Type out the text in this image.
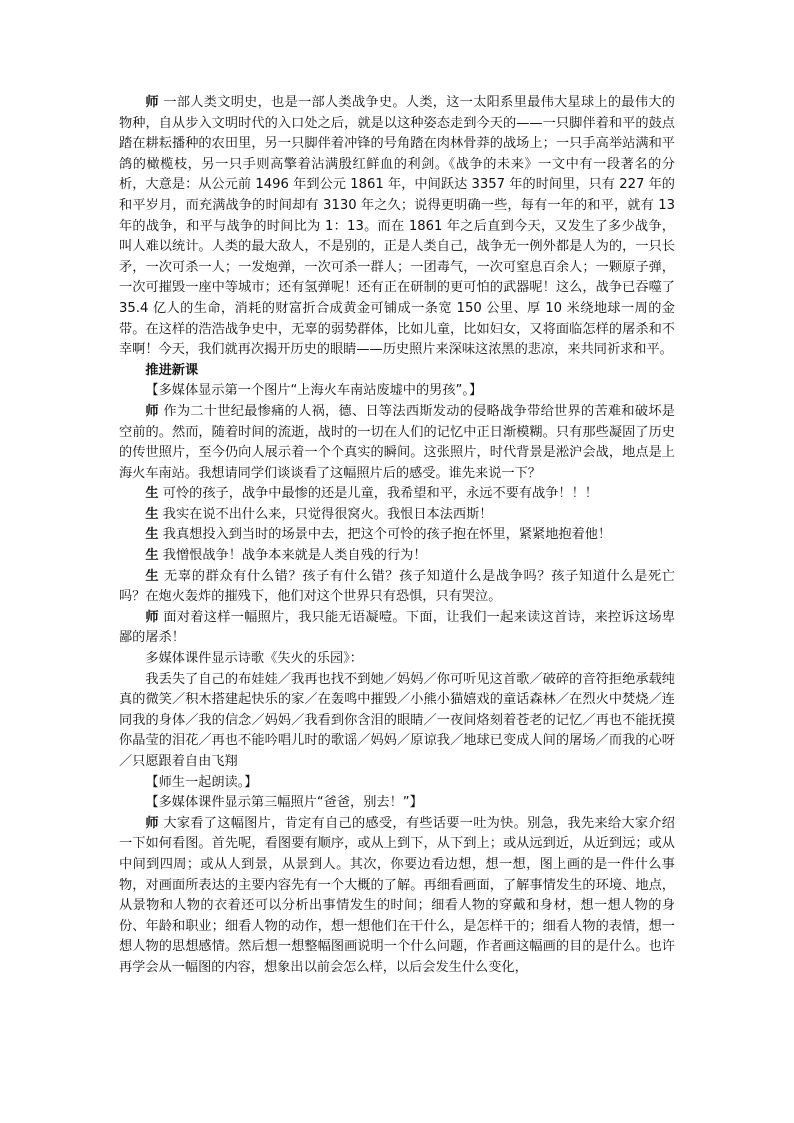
师 一部人类文明史，也是一部人类战争史。人类，这一太阳系里最伟大星球上的最伟大的物种，自从步入文明时代的入口处之后，就是以这种姿态走到今天的——一只脚伴着和平的鼓点踏在耕耘播种的农田里，另一只脚伴着冲锋的号角踏在肉林骨莽的战场上；一只手高举站满和平鸽的橄榄枝，另一只手则高擎着沾满殷红鲜血的利剑。《战争的未来》一文中有一段著名的分析，大意是：从公元前 1496 年到公元 1861 年，中间跃达 3357 年的时间里，只有 227 年的和平岁月，而充满战争的时间却有 3130 年之久；说得更明确一些，每有一年的和平，就有 13 年的战争，和平与战争的时间比为 1：13。而在 1861 年之后直到今天，又发生了多少战争，叫人难以统计。人类的最大敌人，不是别的，正是人类自己，战争无一例外都是人为的，一只长矛，一次可杀一人；一发炮弹，一次可杀一群人；一团毒气，一次可窒息百余人；一颗原子弹，一次可摧毁一座中等城市；还有氢弹呢！还有正在研制的更可怕的武器呢！这么，战争已吞噬了 35.4 亿人的生命，消耗的财富折合成黄金可铺成一条宽 150 公里、厚 10 米绕地球一周的金带。在这样的浩浩战争史中，无辜的弱势群体，比如儿童，比如妇女，又将面临怎样的屠杀和不幸啊！今天，我们就再次揭开历史的眼睛——历史照片来深味这浓黑的悲凉，来共同祈求和平。

推进新课

【多媒体显示第一个图片“上海火车南站废墟中的男孩”。】

师 作为二十世纪最惨痛的人祸，德、日等法西斯发动的侵略战争带给世界的苦难和破坏是空前的。然而，随着时间的流逝，战时的一切在人们的记忆中正日渐模糊。只有那些凝固了历史的传世照片，至今仍向人展示着一个个真实的瞬间。这张照片，时代背景是淞沪会战，地点是上海火车南站。我想请同学们谈谈看了这幅照片后的感受。谁先来说一下？

生 可怜的孩子，战争中最惨的还是儿童，我希望和平，永远不要有战争！！！

生 我实在说不出什么来，只觉得很窝火。我恨日本法西斯！

生 我真想投入到当时的场景中去，把这个可怜的孩子抱在怀里，紧紧地抱着他！

生 我憎恨战争！战争本来就是人类自残的行为！

生 无辜的群众有什么错？孩子有什么错？孩子知道什么是战争吗？孩子知道什么是死亡吗？在炮火轰炸的摧残下，他们对这个世界只有恐惧，只有哭泣。

师 面对着这样一幅照片，我只能无语凝噎。下面，让我们一起来读这首诗，来控诉这场卑鄙的屠杀！

多媒体课件显示诗歌《失火的乐园》：

我丢失了自己的布娃娃／我再也找不到她／妈妈／你可听见这首歌／破碎的音符拒绝承载纯真的微笑／积木搭建起快乐的家／在轰鸣中摧毁／小熊小猫嬉戏的童话森林／在烈火中焚烧／连同我的身体／我的信念／妈妈／我看到你含泪的眼睛／一夜间烙刻着苍老的记忆／再也不能抚摸你晶莹的泪花／再也不能吟唱儿时的歌谣／妈妈／原谅我／地球已变成人间的屠场／而我的心呀／只愿跟着自由飞翔

【师生一起朗读。】

【多媒体课件显示第三幅照片“爸爸，别去！”】

师 大家看了这幅图片，肯定有自己的感受，有些话要一吐为快。别急，我先来给大家介绍一下如何看图。首先呢，看图要有顺序，或从上到下，从下到上；或从远到近，从近到远；或从中间到四周；或从人到景，从景到人。其次，你要边看边想，想一想，图上画的是一件什么事物，对画面所表达的主要内容先有一个大概的了解。再细看画面，了解事情发生的环境、地点，从景物和人物的衣着还可以分析出事情发生的时间；细看人物的穿戴和身材，想一想人物的身份、年龄和职业；细看人物的动作，想一想他们在干什么，是怎样干的；细看人物的表情，想一想人物的思想感情。然后想一想整幅图画说明一个什么问题，作者画这幅画的目的是什么。也许再学会从一幅图的内容，想象出以前会怎么样，以后会发生什么变化，
